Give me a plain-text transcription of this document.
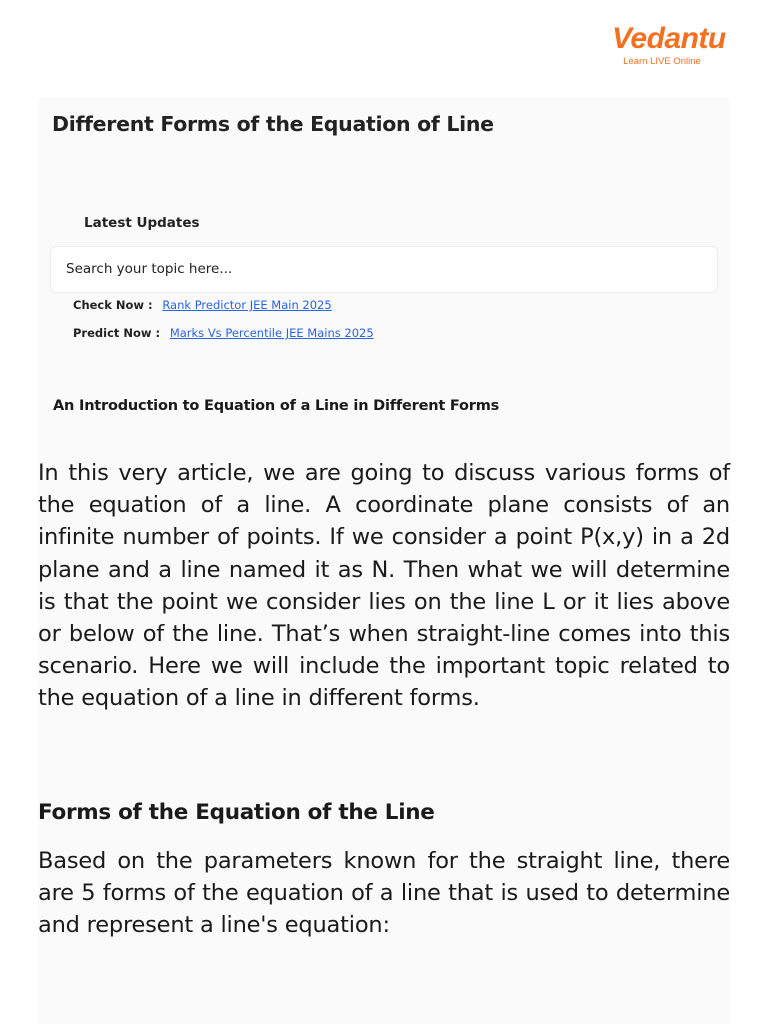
Vedantu
Learn LIVE Online
Different Forms of the Equation of Line
Latest Updates
Search your topic here...
Check Now : Rank Predictor JEE Main 2025
Predict Now : Marks Vs Percentile JEE Mains 2025
An Introduction to Equation of a Line in Different Forms

In this very article, we are going to discuss various forms of the equation of a line. A coordinate plane consists of an infinite number of points. If we consider a point P(x,y) in a 2d plane and a line named it as N. Then what we will determine is that the point we consider lies on the line L or it lies above or below of the line. That’s when straight-line comes into this scenario. Here we will include the important topic related to the equation of a line in different forms.

Forms of the Equation of the Line

Based on the parameters known for the straight line, there are 5 forms of the equation of a line that is used to determine and represent a line's equation:
